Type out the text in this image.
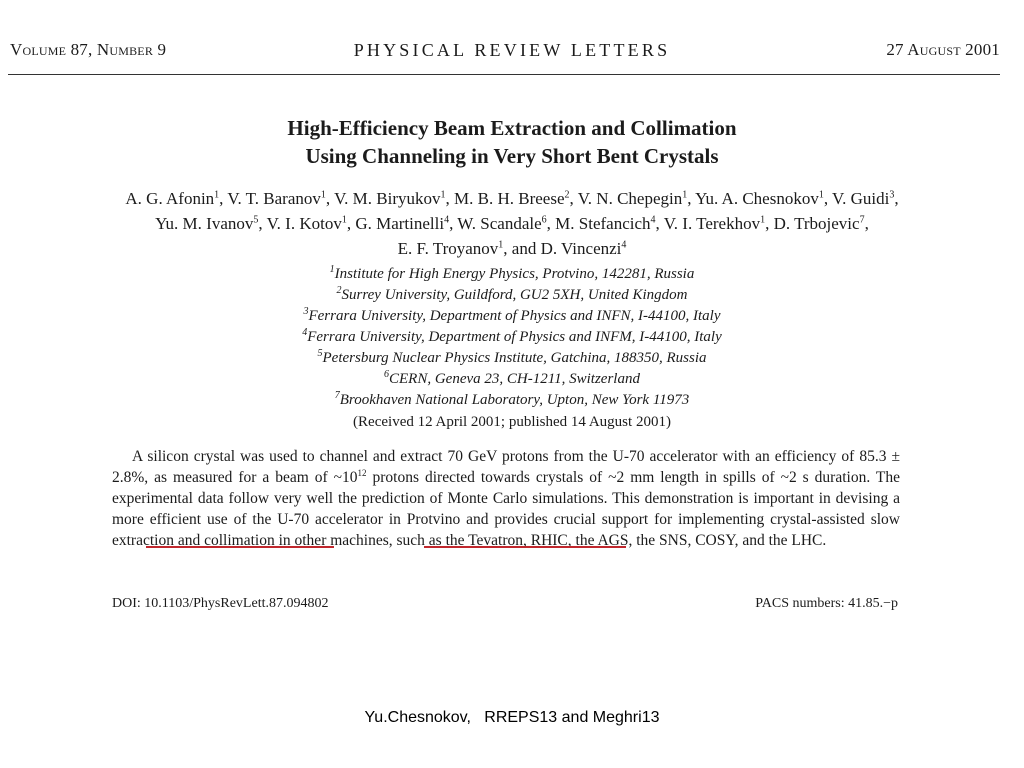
Volume 87, Number 9	PHYSICAL REVIEW LETTERS	27 August 2001
High-Efficiency Beam Extraction and Collimation
Using Channeling in Very Short Bent Crystals
A. G. Afonin$^1$, V. T. Baranov$^1$, V. M. Biryukov$^1$, M. B. H. Breese$^2$, V. N. Chepegin$^1$, Yu. A. Chesnokov$^1$, V. Guidi$^3$,
Yu. M. Ivanov$^5$, V. I. Kotov$^1$, G. Martinelli$^4$, W. Scandale$^6$, M. Stefancich$^4$, V. I. Terekhov$^1$, D. Trbojevic$^7$,
E. F. Troyanov$^1$, and D. Vincenzi$^4$
$^1$Institute for High Energy Physics, Protvino, 142281, Russia
$^2$Surrey University, Guildford, GU2 5XH, United Kingdom
$^3$Ferrara University, Department of Physics and INFN, I-44100, Italy
$^4$Ferrara University, Department of Physics and INFM, I-44100, Italy
$^5$Petersburg Nuclear Physics Institute, Gatchina, 188350, Russia
$^6$CERN, Geneva 23, CH-1211, Switzerland
$^7$Brookhaven National Laboratory, Upton, New York 11973
(Received 12 April 2001; published 14 August 2001)
A silicon crystal was used to channel and extract 70 GeV protons from the U-70 accelerator with an efficiency of 85.3 ± 2.8%, as measured for a beam of $\sim 10^{12}$ protons directed towards crystals of ~2 mm length in spills of ~2 s duration. The experimental data follow very well the prediction of Monte Carlo simulations. This demonstration is important in devising a more efficient use of the U-70 accelerator in Protvino and provides crucial support for implementing crystal-assisted slow extraction and collimation in other machines, such as the Tevatron, RHIC, the AGS, the SNS, COSY, and the LHC.
DOI: 10.1103/PhysRevLett.87.094802	PACS numbers: 41.85.−p
Yu.Chesnokov,   RREPS13 and Meghri13
